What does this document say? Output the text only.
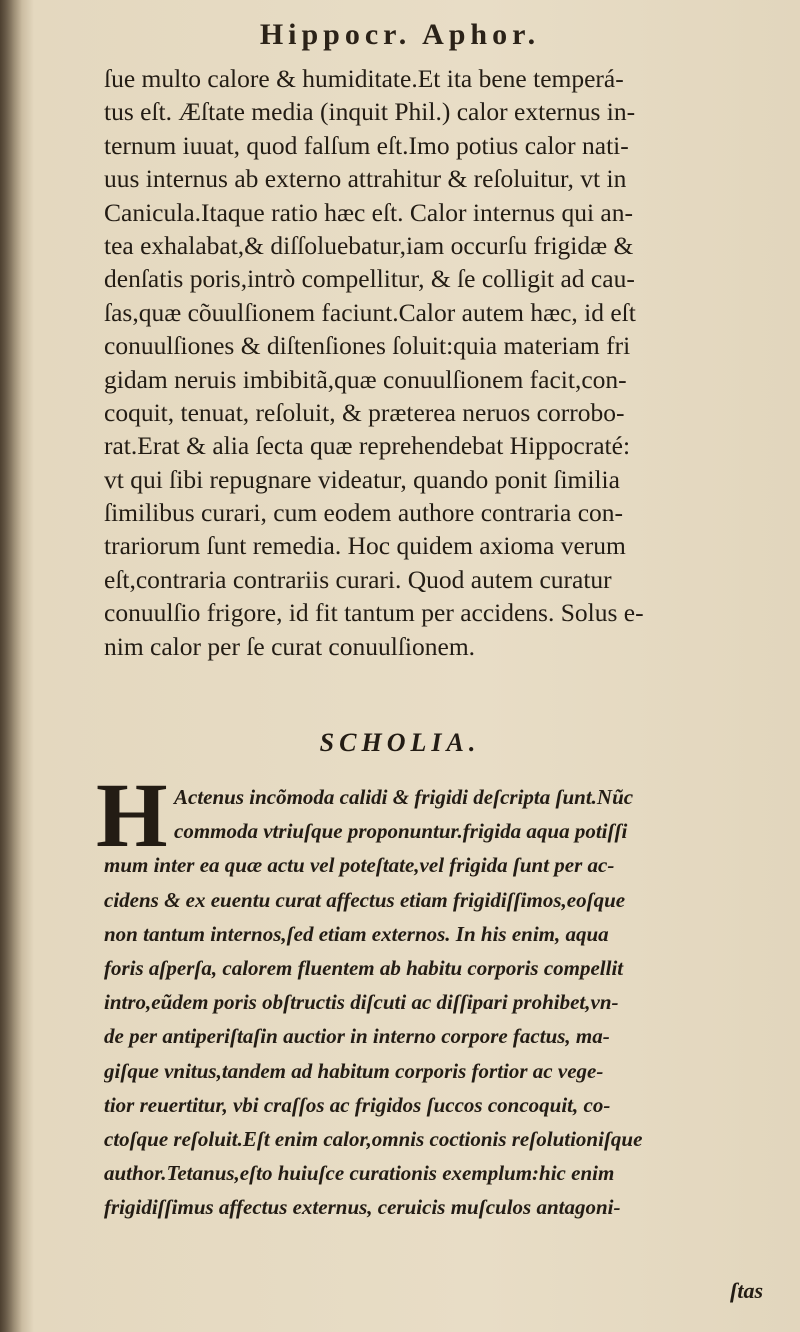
Hippocr. Aphor.
ſue multo calore & humiditate.Et ita bene temperá-
tus eſt. Æſtate media (inquit Phil.) calor externus in-
ternum iuuat, quod falſum eſt.Imo potius calor nati-
uus internus ab externo attrahitur & reſoluitur, vt in
Canicula.Itaque ratio hæc eſt. Calor internus qui an-
tea exhalabat,& diſſoluebatur,iam occurſu frigidæ &
denſatis poris,intrò compellitur, & ſe colligit ad cau-
ſas,quæ cõuulſionem faciunt.Calor autem hæc, id eſt
conuulſiones & diſtenſiones ſoluit:quia materiam fri
gidam neruis imbibitã,quæ conuulſionem facit,con-
coquit, tenuat, reſoluit, & præterea neruos corrobo-
rat.Erat & alia ſecta quæ reprehendebat Hippocraté:
vt qui ſibi repugnare videatur, quando ponit ſimilia
ſimilibus curari, cum eodem authore contraria con-
trariorum ſunt remedia. Hoc quidem axioma verum
eſt,contraria contrariis curari. Quod autem curatur
conuulſio frigore, id fit tantum per accidens. Solus e-
nim calor per ſe curat conuulſionem.
SCHOLIA.
H Actenus incõmoda calidi & frigidi deſcripta ſunt.Nũc
commoda vtriuſque proponuntur.frigida aqua potiſſi
mum inter ea quæ actu vel poteſtate,vel frigida ſunt per ac-
cidens & ex euentu curat affectus etiam frigidiſſimos,eoſque
non tantum internos,ſed etiam externos. In his enim, aqua
foris aſperſa, calorem fluentem ab habitu corporis compellit
intro,eũdem poris obſtructis diſcuti ac diſſipari prohibet,vn-
de per antiperiſtaſin auctior in interno corpore factus, ma-
giſque vnitus,tandem ad habitum corporis fortior ac vege-
tior reuertitur, vbi craſſos ac frigidos ſuccos concoquit, co-
ctoſque reſoluit.Eſt enim calor,omnis coctionis reſolutioniſque
author.Tetanus,eſto huiuſce curationis exemplum:hic enim
frigidiſſimus affectus externus, ceruicis muſculos antagoni-
ſtas
